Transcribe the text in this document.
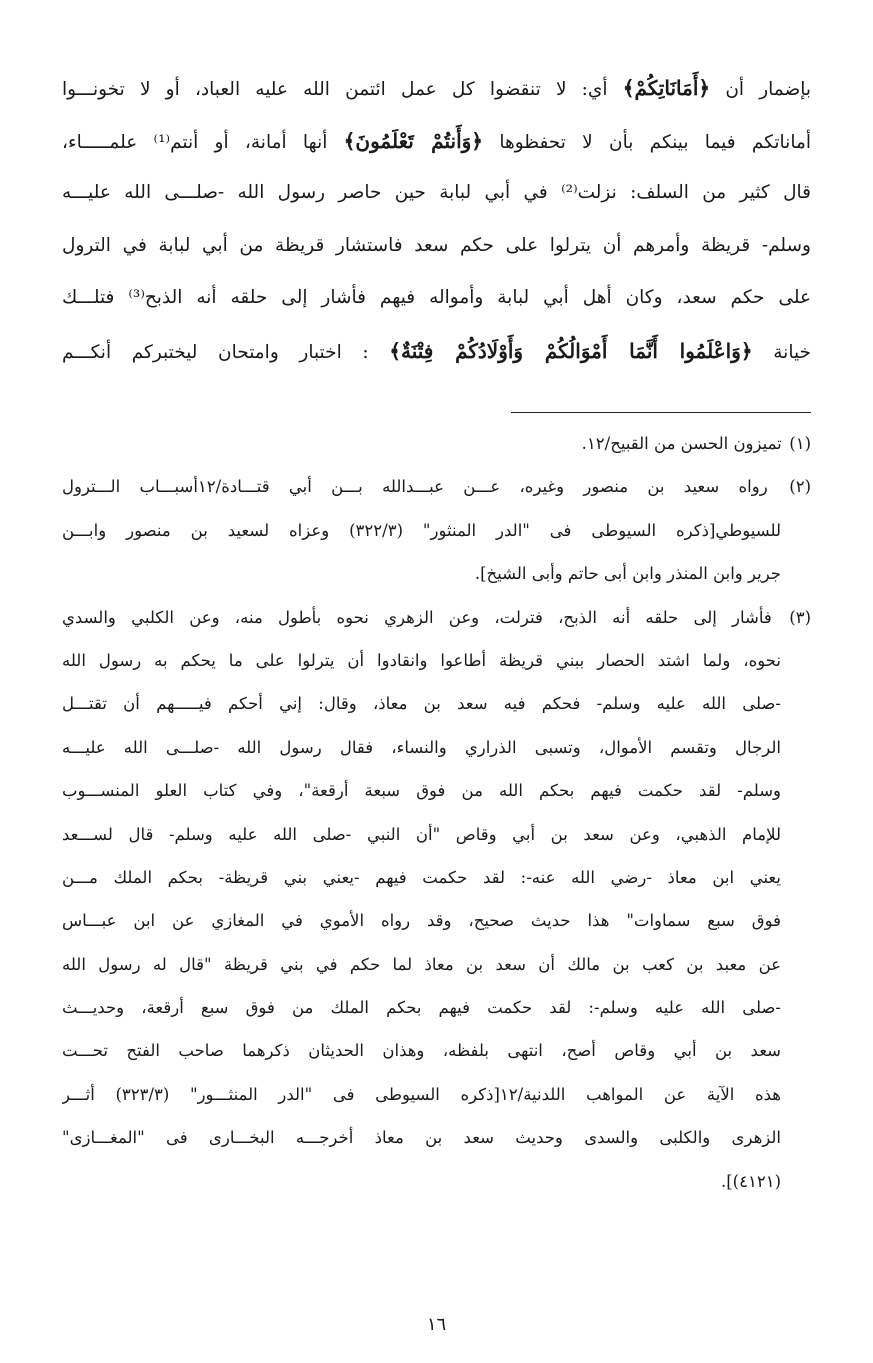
بإضمار أن ﴿أَمَانَاتِكُمْ﴾ أي: لا تنقضوا كل عمل ائتمن الله عليه العباد، أو لا تخونـــوا
أماناتكم فيما بينكم بأن لا تحفظوها ﴿وَأَنتُمْ تَعْلَمُونَ﴾ أنها أمانة، أو أنتم⁽¹⁾ علمـــــاء،
قال كثير من السلف: نزلت⁽²⁾ في أبي لبابة حين حاصر رسول الله -صلـــى الله عليـــه
وسلم- قريظة وأمرهم أن يترلوا على حكم سعد فاستشار قريظة من أبي لبابة في الترول
على حكم سعد، وكان أهل أبي لبابة وأمواله فيهم فأشار إلى حلقه أنه الذبح⁽³⁾ فتلـــك
خيانة ﴿وَاعْلَمُوا أَنَّمَا أَمْوَالُكُمْ وَأَوْلَادُكُمْ فِتْنَةٌ﴾ : اختبار وامتحان ليختبركم أنكـــم
(١) تميزون الحسن من القبيح/١٢.
(٢) رواه سعيد بن منصور وغيره، عـــن عبـــدالله بـــن أبي قتـــادة/١٢أسبـــاب الـــترول
للسيوطي[ذكره السيوطى فى "الدر المنثور" (٣٢٢/٣) وعزاه لسعيد بن منصور وابـــن
جرير وابن المنذر وابن أبى حاتم وأبى الشيخ].
(٣) فأشار إلى حلقه أنه الذبح، فترلت، وعن الزهري نحوه بأطول منه، وعن الكلبي والسدي
نحوه، ولما اشتد الحصار ببني قريظة أطاعوا وانقادوا أن يترلوا على ما يحكم به رسول الله
-صلى الله عليه وسلم- فحكم فيه سعد بن معاذ، وقال: إني أحكم فيـــــهم أن تقتـــل
الرجال وتقسم الأموال، وتسبى الذراري والنساء، فقال رسول الله -صلـــى الله عليـــه
وسلم- لقد حكمت فيهم بحكم الله من فوق سبعة أرقعة"، وفي كتاب العلو المنســـوب
للإمام الذهبي، وعن سعد بن أبي وقاص "أن النبي -صلى الله عليه وسلم- قال لســـعد
يعني ابن معاذ -رضي الله عنه-: لقد حكمت فيهم -يعني بني قريظة- بحكم الملك مـــن
فوق سبع سماوات" هذا حديث صحيح، وقد رواه الأموي في المغازي عن ابن عبـــاس
عن معبد بن كعب بن مالك أن سعد بن معاذ لما حكم في بني قريظة "قال له رسول الله
-صلى الله عليه وسلم-: لقد حكمت فيهم بحكم الملك من فوق سبع أرقعة، وحديـــث
سعد بن أبي وقاص أصح، انتهى بلفظه، وهذان الحديثان ذكرهما صاحب الفتح تحـــت
هذه الآية عن المواهب اللدنية/١٢[ذكره السيوطى فى "الدر المنثـــور" (٣٢٣/٣) أثـــر
الزهرى والكلبى والسدى وحديث سعد بن معاذ أخرجـــه البخـــارى فى "المغـــازى"
(٤١٢١)].
١٦
